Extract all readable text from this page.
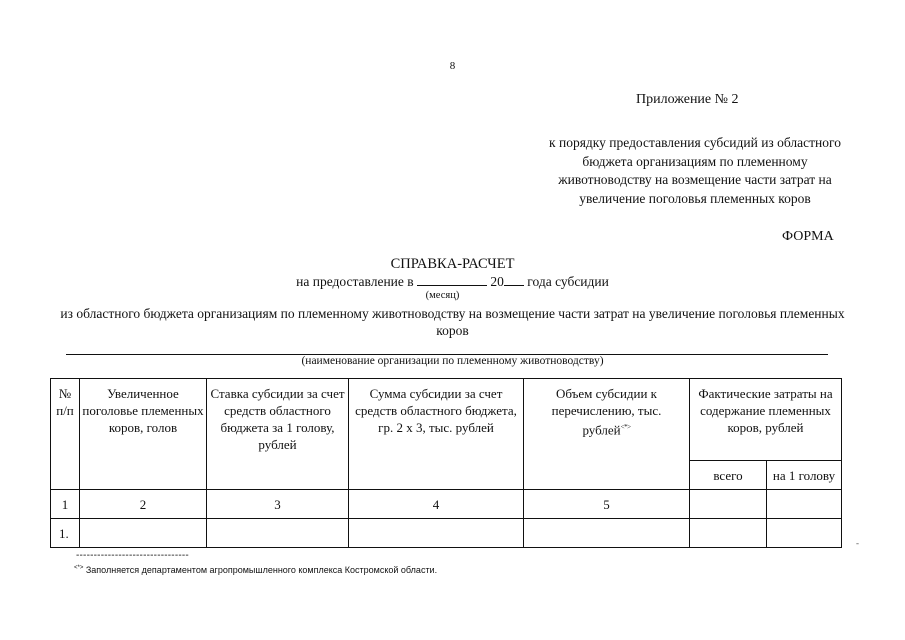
8
Приложение № 2
к порядку предоставления субсидий из областного бюджета организациям по племенному животноводству на возмещение части затрат на увеличение поголовья племенных коров
ФОРМА
СПРАВКА-РАСЧЕТ
на предоставление в	20 года субсидии
(месяц)
из областного бюджета организациям по племенному животноводству на возмещение части затрат на увеличение поголовья племенных коров
(наименование организации по племенному животноводству)
№ п/п	Увеличенное поголовье племенных коров, голов	Ставка субсидии за счет средств областного бюджета за 1 голову, рублей	Сумма субсидии за счет средств областного бюджета, гр. 2 х 3, тыс. рублей	Объем субсидии к перечислению, тыс. рублей<*>	Фактические затраты на содержание племенных коров, рублей	
					всего	на 1 голову
1	2	3	4	5		
1.						
--------------------------------
<*> Заполняется департаментом агропромышленного комплекса Костромской области.
-
